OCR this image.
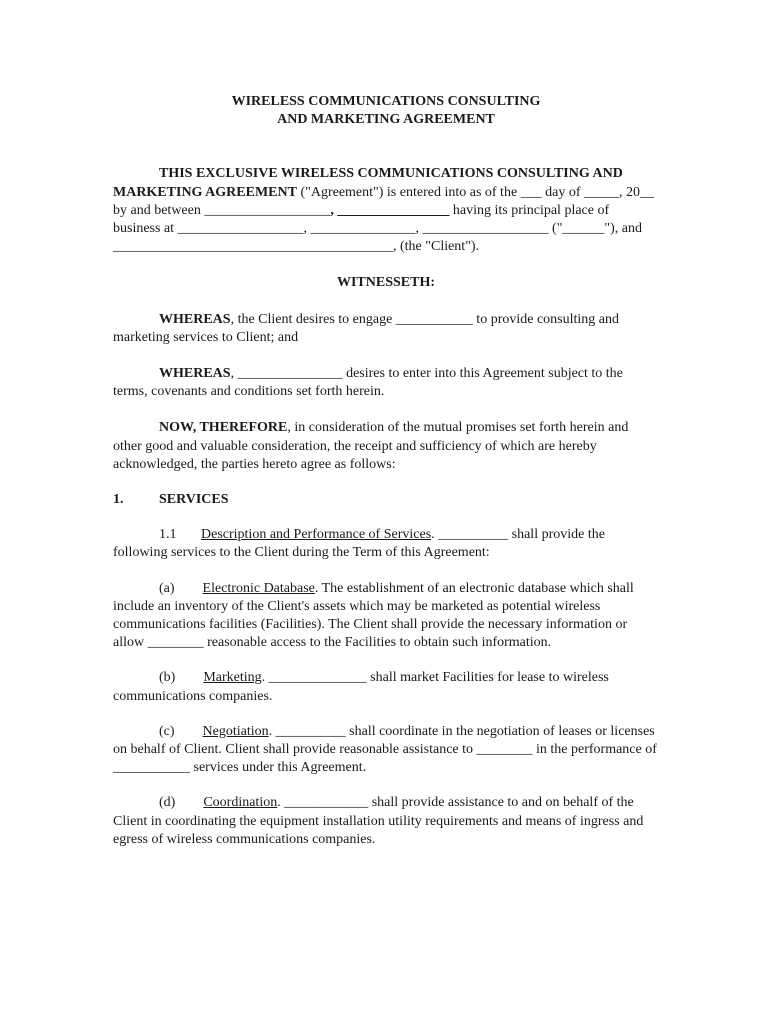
WIRELESS COMMUNICATIONS CONSULTING
AND MARKETING AGREEMENT

THIS EXCLUSIVE WIRELESS COMMUNICATIONS CONSULTING AND MARKETING AGREEMENT ("Agreement") is entered into as of the ___ day of _____, 20__ by and between __________________, ________________ having its principal place of business at __________________, _______________, __________________ ("______"), and ________________________________________, (the "Client").

WITNESSETH:

WHEREAS, the Client desires to engage ___________ to provide consulting and marketing services to Client; and

WHEREAS, _______________ desires to enter into this Agreement subject to the terms, covenants and conditions set forth herein.

NOW, THEREFORE, in consideration of the mutual promises set forth herein and other good and valuable consideration, the receipt and sufficiency of which are hereby acknowledged, the parties hereto agree as follows:

1.	SERVICES

1.1 Description and Performance of Services. __________ shall provide the following services to the Client during the Term of this Agreement:

(a) Electronic Database. The establishment of an electronic database which shall include an inventory of the Client's assets which may be marketed as potential wireless communications facilities (Facilities). The Client shall provide the necessary information or allow ________ reasonable access to the Facilities to obtain such information.

(b) Marketing. ______________ shall market Facilities for lease to wireless communications companies.

(c) Negotiation. __________ shall coordinate in the negotiation of leases or licenses on behalf of Client. Client shall provide reasonable assistance to ________ in the performance of ___________ services under this Agreement.

(d) Coordination. ____________ shall provide assistance to and on behalf of the Client in coordinating the equipment installation utility requirements and means of ingress and egress of wireless communications companies.
